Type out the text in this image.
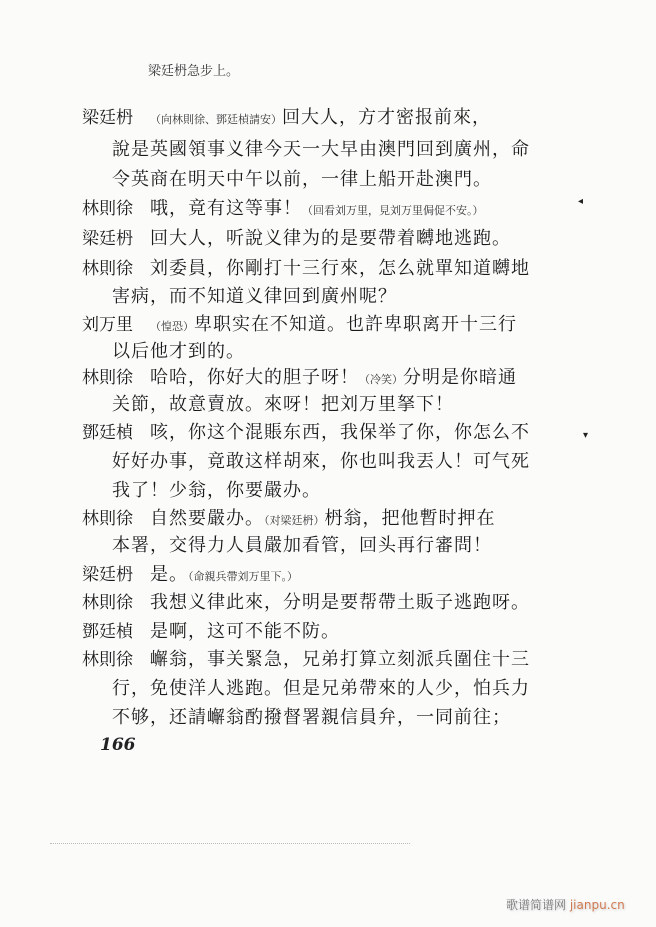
梁廷枬急步上。
梁廷枬 （向林則徐、鄧廷楨請安）回大人，方才密报前來，
說是英國領事义律今天一大早由澳門回到廣州，命
令英商在明天中午以前，一律上船开赴澳門。
林則徐 哦，竟有这等事！（回看刘万里，見刘万里侷促不安。）
梁廷枬 回大人，听說义律为的是要帶着嚩地逃跑。
林則徐 刘委員，你剛打十三行來，怎么就單知道嚩地
害病，而不知道义律回到廣州呢？
刘万里 （惶恐）卑职实在不知道。也許卑职离开十三行
以后他才到的。
林則徐 哈哈，你好大的胆子呀！（冷笑）分明是你暗通
关節，故意賣放。來呀！把刘万里拏下！
鄧廷楨 咳，你这个混賬东西，我保举了你，你怎么不
好好办事，竟敢这样胡來，你也叫我丟人！可气死
我了！少翁，你要嚴办。
林則徐 自然要嚴办。（对梁廷枬）枬翁，把他暫时押在
本署，交得力人員嚴加看管，回头再行審問！
梁廷枬 是。（命親兵帶刘万里下。）
林則徐 我想义律此來，分明是要帮帶土販子逃跑呀。
鄧廷楨 是啊，这可不能不防。
林則徐 嶰翁，事关緊急，兄弟打算立刻派兵圍住十三
行，免使洋人逃跑。但是兄弟帶來的人少，怕兵力
不够，还請嶰翁酌撥督署親信員弁，一同前往；
166
◂
▾
歌谱简谱网 jianpu.cn
